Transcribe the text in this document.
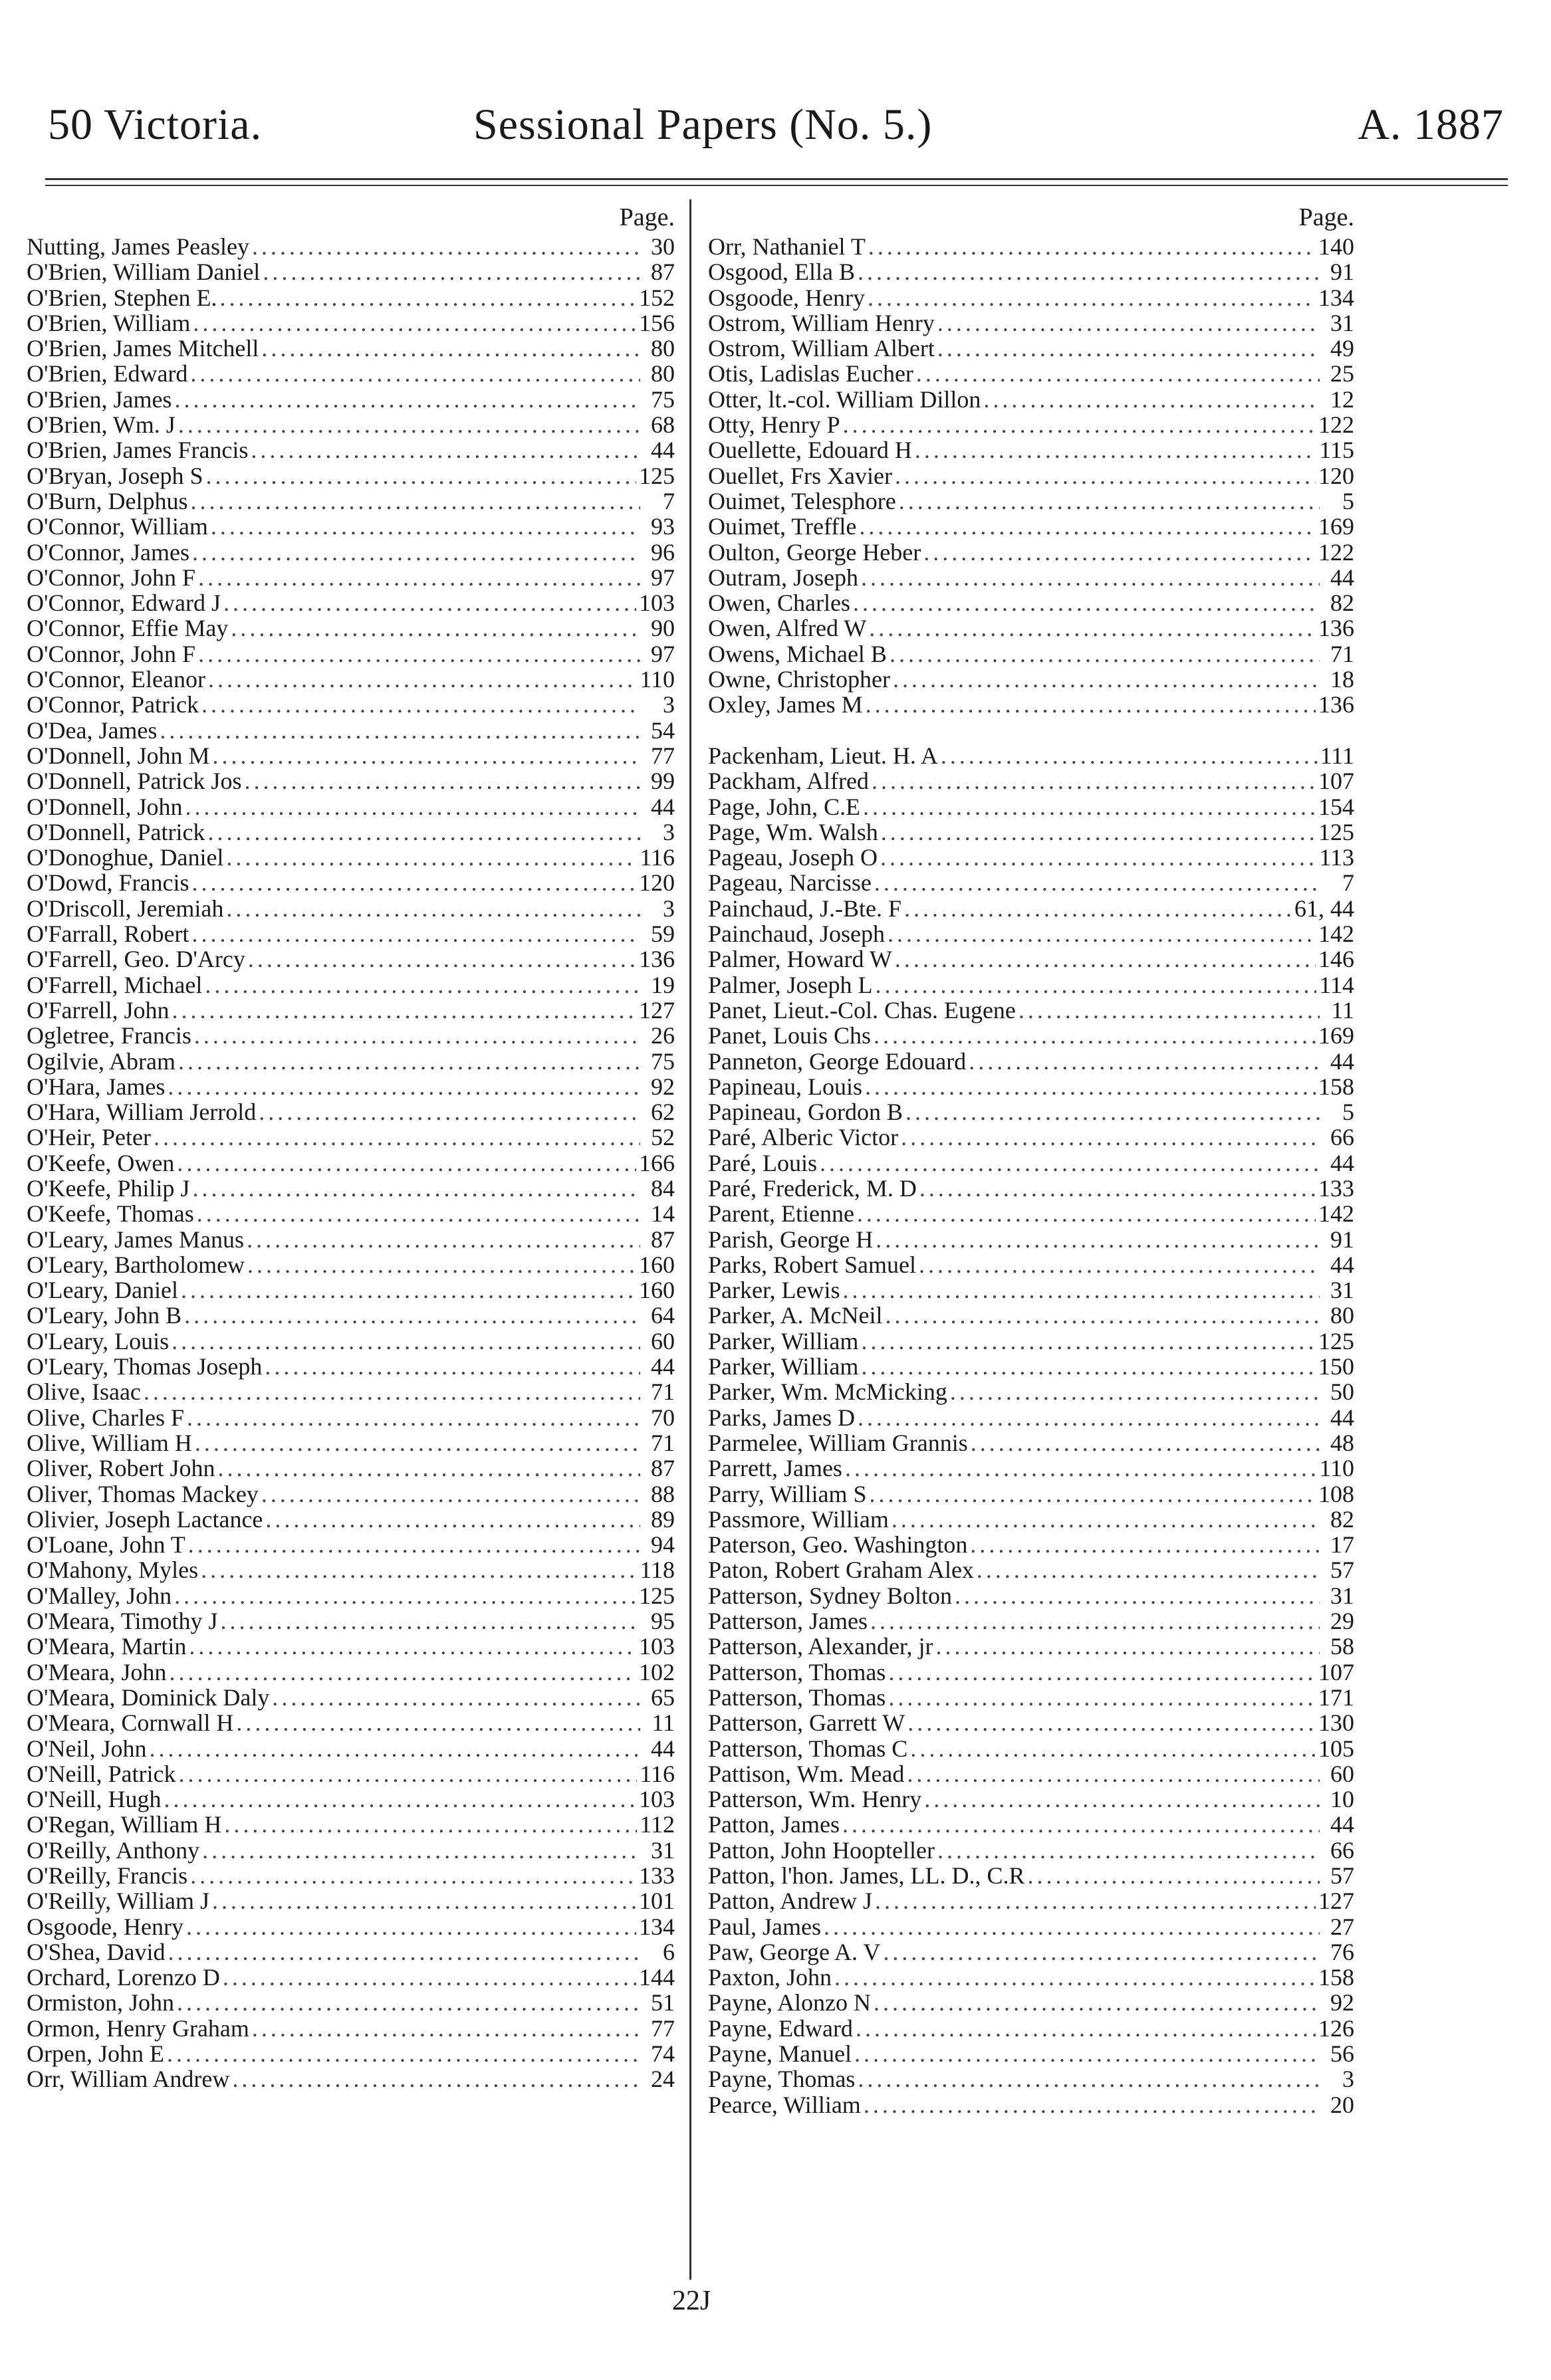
50 Victoria.	Sessional Papers (No. 5.)	A. 1887
Page.
Nutting, James Peasley . . .	30
O'Brien, William Daniel . . .	87
O'Brien, Stephen E. . . .	152
O'Brien, William . . .	156
O'Brien, James Mitchell . . .	80
O'Brien, Edward . . .	80
O'Brien, James . . .	75
O'Brien, Wm. J . . .	68
O'Brien, James Francis . . .	44
O'Bryan, Joseph S . . .	125
O'Burn, Delphus . . .	7
O'Connor, William . . .	93
O'Connor, James . . .	96
O'Connor, John F . . .	97
O'Connor, Edward J . . .	103
O'Connor, Effie May . . .	90
O'Connor, John F . . .	97
O'Connor, Eleanor . . .	110
O'Connor, Patrick . . .	3
O'Dea, James . . .	54
O'Donnell, John M . . .	77
O'Donnell, Patrick Jos . . .	99
O'Donnell, John . . .	44
O'Donnell, Patrick . . .	3
O'Donoghue, Daniel . . .	116
O'Dowd, Francis . . .	120
O'Driscoll, Jeremiah . . .	3
O'Farrall, Robert . . .	59
O'Farrell, Geo. D'Arcy . . .	136
O'Farrell, Michael . . .	19
O'Farrell, John . . .	127
Ogletree, Francis . . .	26
Ogilvie, Abram . . .	75
O'Hara, James . . .	92
O'Hara, William Jerrold . . .	62
O'Heir, Peter . . .	52
O'Keefe, Owen . . .	166
O'Keefe, Philip J . . .	84
O'Keefe, Thomas . . .	14
O'Leary, James Manus . . .	87
O'Leary, Bartholomew . . .	160
O'Leary, Daniel . . .	160
O'Leary, John B . . .	64
O'Leary, Louis . . .	60
O'Leary, Thomas Joseph . . .	44
Olive, Isaac . . .	71
Olive, Charles F . . .	70
Olive, William H . . .	71
Oliver, Robert John . . .	87
Oliver, Thomas Mackey . . .	88
Olivier, Joseph Lactance . . .	89
O'Loane, John T . . .	94
O'Mahony, Myles . . .	118
O'Malley, John . . .	125
O'Meara, Timothy J . . .	95
O'Meara, Martin . . .	103
O'Meara, John . . .	102
O'Meara, Dominick Daly . . .	65
O'Meara, Cornwall H . . .	11
O'Neil, John . . .	44
O'Neill, Patrick . . .	116
O'Neill, Hugh . . .	103
O'Regan, William H . . .	112
O'Reilly, Anthony . . .	31
O'Reilly, Francis . . .	133
O'Reilly, William J . . .	101
Osgoode, Henry . . .	134
O'Shea, David . . .	6
Orchard, Lorenzo D . . .	144
Ormiston, John . . .	51
Ormon, Henry Graham . . .	77
Orpen, John E . . .	74
Orr, William Andrew . . .	24
Page.
Orr, Nathaniel T . . .	140
Osgood, Ella B . . .	91
Osgoode, Henry . . .	134
Ostrom, William Henry . . .	31
Ostrom, William Albert . . .	49
Otis, Ladislas Eucher . . .	25
Otter, lt.-col. William Dillon . . .	12
Otty, Henry P . . .	122
Ouellette, Edouard H . . .	115
Ouellet, Frs Xavier . . .	120
Ouimet, Telesphore . . .	5
Ouimet, Treffle . . .	169
Oulton, George Heber . . .	122
Outram, Joseph . . .	44
Owen, Charles . . .	82
Owen, Alfred W . . .	136
Owens, Michael B . . .	71
Owne, Christopher . . .	18
Oxley, James M . . .	136
Packenham, Lieut. H. A . . .	111
Packham, Alfred . . .	107
Page, John, C.E . . .	154
Page, Wm. Walsh . . .	125
Pageau, Joseph O . . .	113
Pageau, Narcisse . . .	7
Painchaud, J.-Bte. F . . .	61, 44
Painchaud, Joseph . . .	142
Palmer, Howard W . . .	146
Palmer, Joseph L . . .	114
Panet, Lieut.-Col. Chas. Eugene . . .	11
Panet, Louis Chs . . .	169
Panneton, George Edouard . . .	44
Papineau, Louis . . .	158
Papineau, Gordon B . . .	5
Paré, Alberic Victor . . .	66
Paré, Louis . . .	44
Paré, Frederick, M. D . . .	133
Parent, Etienne . . .	142
Parish, George H . . .	91
Parks, Robert Samuel . . .	44
Parker, Lewis . . .	31
Parker, A. McNeil . . .	80
Parker, William . . .	125
Parker, William . . .	150
Parker, Wm. McMicking . . .	50
Parks, James D . . .	44
Parmelee, William Grannis . . .	48
Parrett, James . . .	110
Parry, William S . . .	108
Passmore, William . . .	82
Paterson, Geo. Washington . . .	17
Paton, Robert Graham Alex . . .	57
Patterson, Sydney Bolton . . .	31
Patterson, James . . .	29
Patterson, Alexander, jr . . .	58
Patterson, Thomas . . .	107
Patterson, Thomas . . .	171
Patterson, Garrett W . . .	130
Patterson, Thomas C . . .	105
Pattison, Wm. Mead . . .	60
Patterson, Wm. Henry . . .	10
Patton, James . . .	44
Patton, John Hoopteller . . .	66
Patton, l'hon. James, LL. D., C.R . . .	57
Patton, Andrew J . . .	127
Paul, James . . .	27
Paw, George A. V . . .	76
Paxton, John . . .	158
Payne, Alonzo N . . .	92
Payne, Edward . . .	126
Payne, Manuel . . .	56
Payne, Thomas . . .	3
Pearce, William . . .	20
22J
